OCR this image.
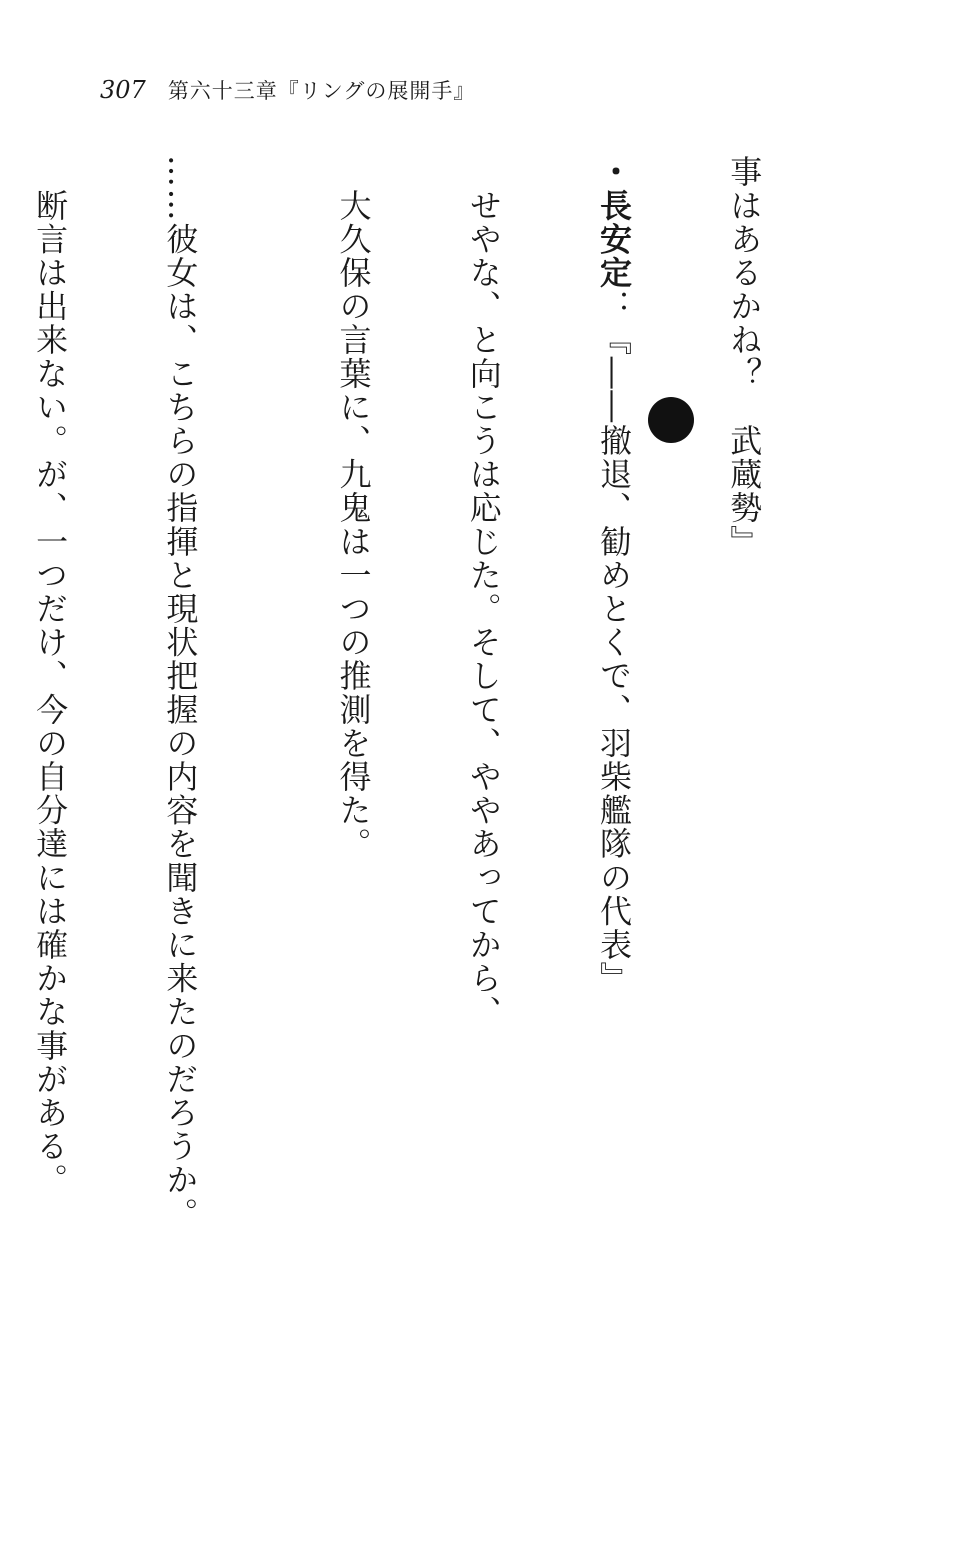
307 第六十三章『リングの展開手』

事はあるかね？　武蔵勢』

・長安定：『――撤退、勧めとくで、羽柴艦隊の代表』

　せやな、と向こうは応じた。そして、ややあってから、

　大久保の言葉に、九鬼は一つの推測を得た。

……彼女は、こちらの指揮と現状把握の内容を聞きに来たのだろうか。

　断言は出来ない。が、一つだけ、今の自分達には確かな事がある。
